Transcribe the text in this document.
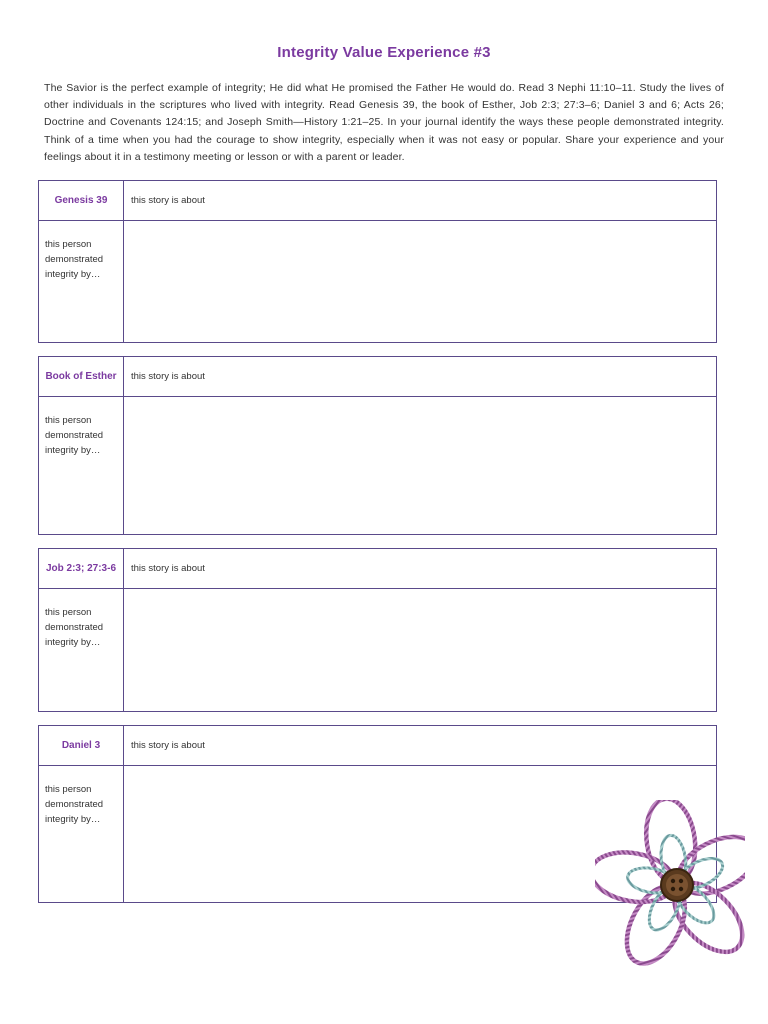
Integrity Value Experience #3
The Savior is the perfect example of integrity; He did what He promised the Father He would do. Read 3 Nephi 11:10–11. Study the lives of other individuals in the scriptures who lived with integrity. Read Genesis 39, the book of Esther, Job 2:3; 27:3–6; Daniel 3 and 6; Acts 26; Doctrine and Covenants 124:15; and Joseph Smith—History 1:21–25. In your journal identify the ways these people demonstrated integrity. Think of a time when you had the courage to show integrity, especially when it was not easy or popular. Share your experience and your feelings about it in a testimony meeting or lesson or with a parent or leader.
Genesis 39	this story is about
this person demonstrated integrity by…
Book of Esther	this story is about
this person demonstrated integrity by…
Job 2:3; 27:3-6	this story is about
this person demonstrated integrity by…
Daniel 3	this story is about
this person demonstrated integrity by…
